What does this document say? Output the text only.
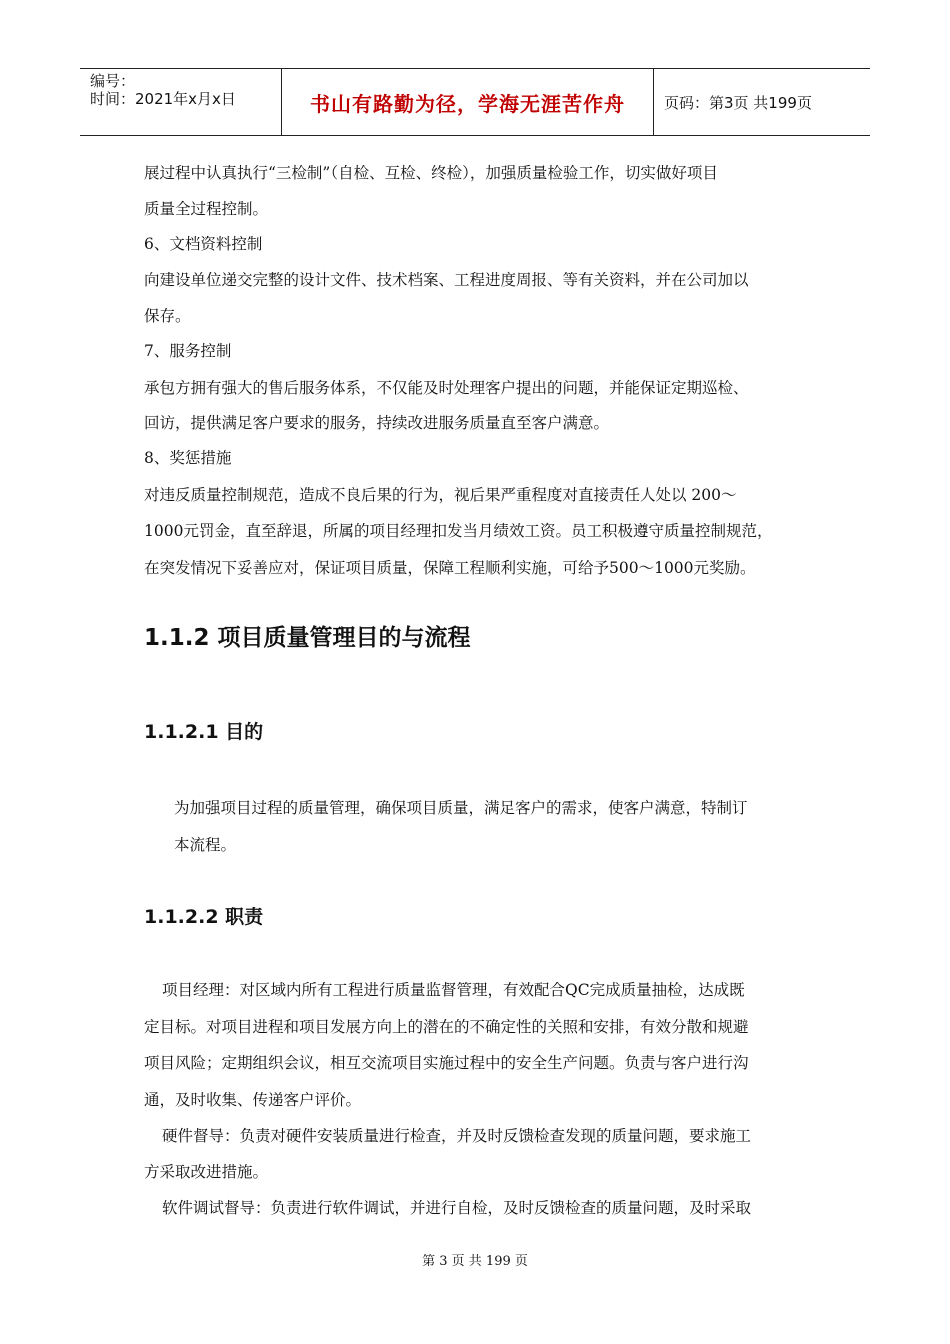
编号：
时间：2021年x月x日	书山有路勤为径，学海无涯苦作舟	页码：第3页 共199页
展过程中认真执行“三检制”（自检、互检、终检），加强质量检验工作，切实做好项目
质量全过程控制。
6、文档资料控制
向建设单位递交完整的设计文件、技术档案、工程进度周报、等有关资料，并在公司加以
保存。
7、服务控制
承包方拥有强大的售后服务体系，不仅能及时处理客户提出的问题，并能保证定期巡检、
回访，提供满足客户要求的服务，持续改进服务质量直至客户满意。
8、奖惩措施
对违反质量控制规范，造成不良后果的行为，视后果严重程度对直接责任人处以 200～
1000元罚金，直至辞退，所属的项目经理扣发当月绩效工资。员工积极遵守质量控制规范，
在突发情况下妥善应对，保证项目质量，保障工程顺利实施，可给予500～1000元奖励。
1.1.2 项目质量管理目的与流程
1.1.2.1 目的
为加强项目过程的质量管理，确保项目质量，满足客户的需求，使客户满意，特制订
本流程。
1.1.2.2 职责
项目经理：对区域内所有工程进行质量监督管理，有效配合QC完成质量抽检，达成既
定目标。对项目进程和项目发展方向上的潜在的不确定性的关照和安排，有效分散和规避
项目风险；定期组织会议，相互交流项目实施过程中的安全生产问题。负责与客户进行沟
通，及时收集、传递客户评价。
硬件督导：负责对硬件安装质量进行检查，并及时反馈检查发现的质量问题，要求施工
方采取改进措施。
软件调试督导：负责进行软件调试，并进行自检，及时反馈检查的质量问题，及时采取
第 3 页 共 199 页
